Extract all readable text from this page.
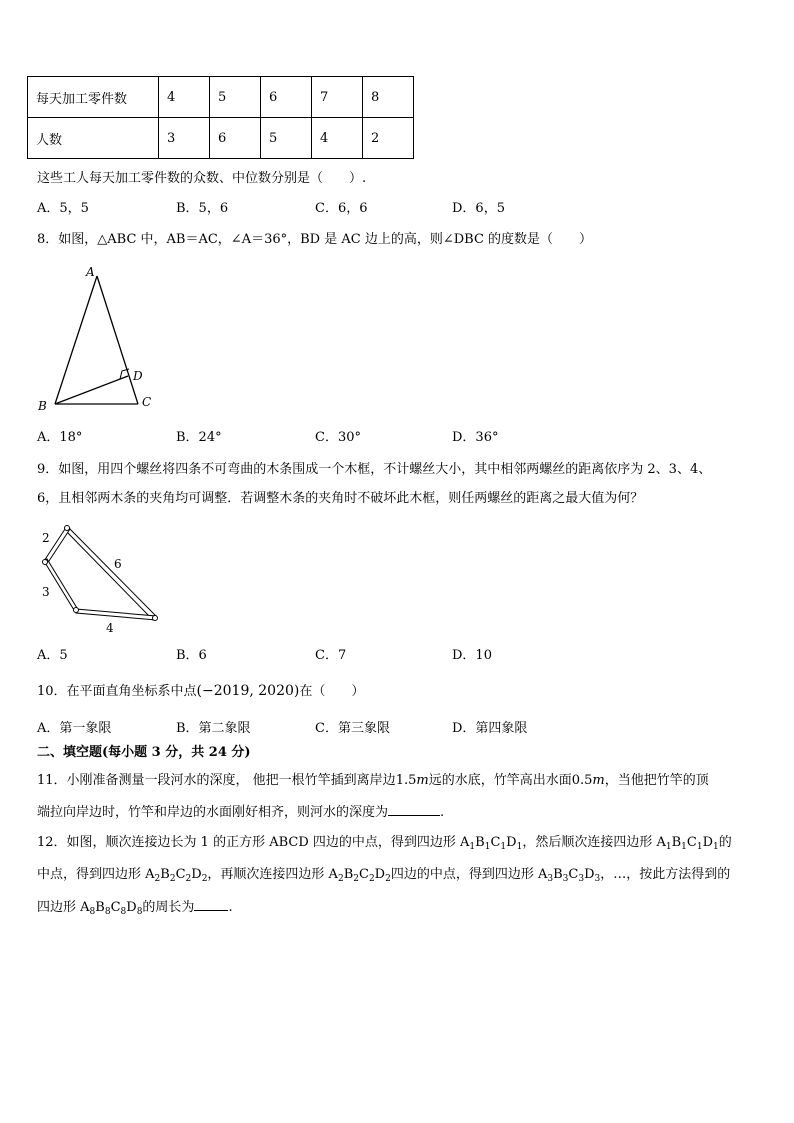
每天加工零件数	4	5	6	7	8
人数	3	6	5	4	2
这些工人每天加工零件数的众数、中位数分别是（　　）.
A．5，5	B．5，6	C．6，6	D．6，5
8．如图，△ABC 中，AB＝AC，∠A＝36°，BD 是 AC 边上的高，则∠DBC 的度数是（　　）
A
B	C
D
A．18°	B．24°	C．30°	D．36°
9．如图，用四个螺丝将四条不可弯曲的木条围成一个木框，不计螺丝大小，其中相邻两螺丝的距离依序为 2、3、4、
6，且相邻两木条的夹角均可调整．若调整木条的夹角时不破坏此木框，则任两螺丝的距离之最大值为何？
2
3
4
6
A．5	B．6	C．7	D．10
10．在平面直角坐标系中点(−2019, 2020)在（　　）
A．第一象限	B．第二象限	C．第三象限	D．第四象限
二、填空题(每小题 3 分，共 24 分)
11．小刚准备测量一段河水的深度， 他把一根竹竿插到离岸边1.5m远的水底，竹竿高出水面0.5m，当他把竹竿的顶
端拉向岸边时，竹竿和岸边的水面刚好相齐，则河水的深度为	.
12．如图，顺次连接边长为 1 的正方形 ABCD 四边的中点，得到四边形 $A_1B_1C_1D_1$，然后顺次连接四边形 $A_1B_1C_1D_1$的
中点，得到四边形 $A_2B_2C_2D_2$，再顺次连接四边形 $A_2B_2C_2D_2$四边的中点，得到四边形 $A_3B_3C_3D_3$，…，按此方法得到的
四边形 $A_8B_8C_8D_8$的周长为	.
